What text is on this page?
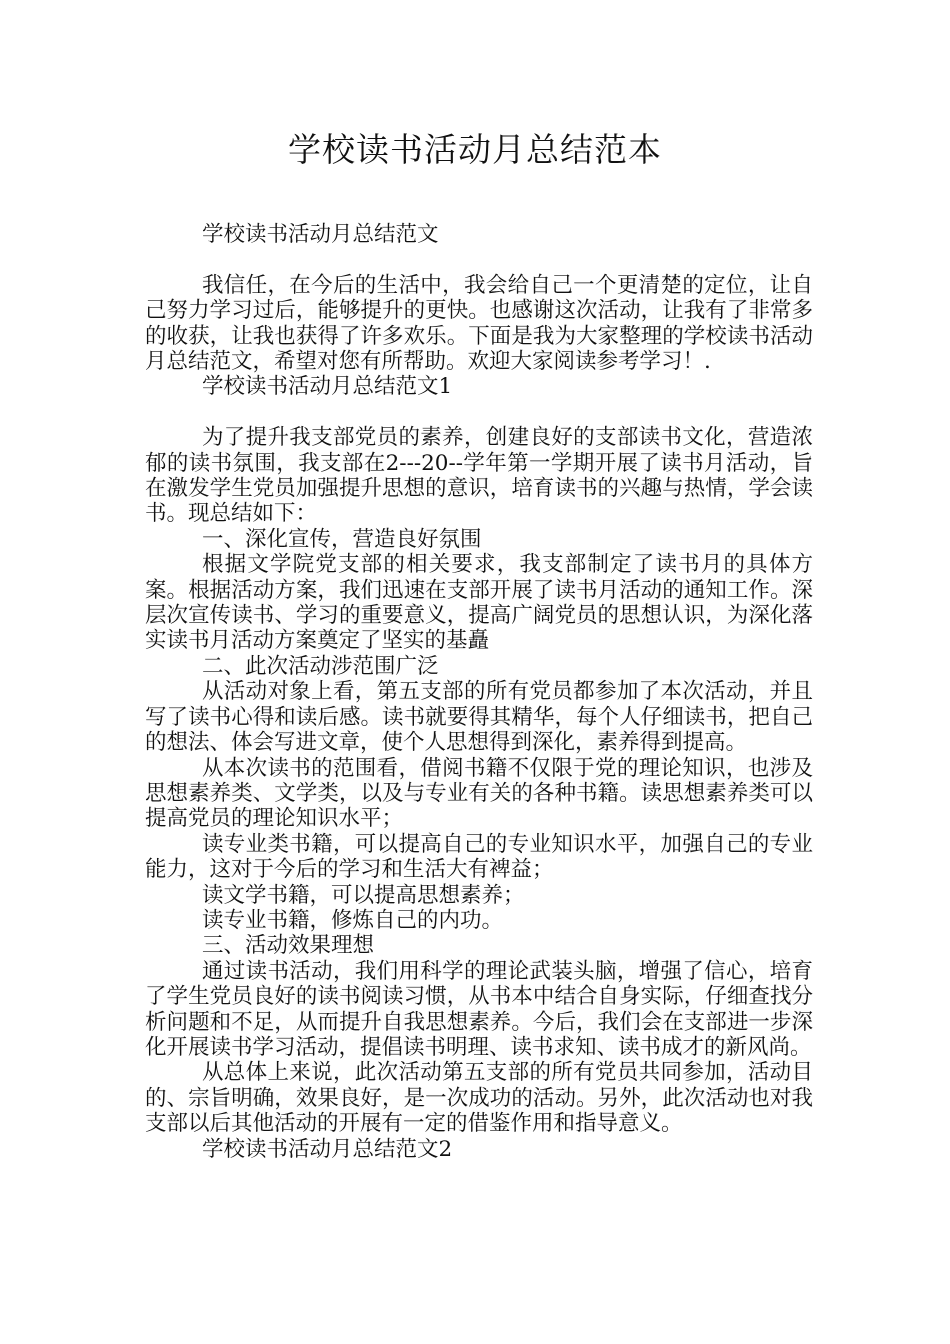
学校读书活动月总结范本

学校读书活动月总结范文

我信任，在今后的生活中，我会给自己一个更清楚的定位，让自己努力学习过后，能够提升的更快。也感谢这次活动，让我有了非常多的收获，让我也获得了许多欢乐。下面是我为大家整理的学校读书活动月总结范文，希望对您有所帮助。欢迎大家阅读参考学习！.

学校读书活动月总结范文1

为了提升我支部党员的素养，创建良好的支部读书文化，营造浓郁的读书氛围，我支部在2---20--学年第一学期开展了读书月活动，旨在激发学生党员加强提升思想的意识，培育读书的兴趣与热情，学会读书。现总结如下：

一、深化宣传，营造良好氛围

根据文学院党支部的相关要求，我支部制定了读书月的具体方案。根据活动方案，我们迅速在支部开展了读书月活动的通知工作。深层次宣传读书、学习的重要意义，提高广阔党员的思想认识，为深化落实读书月活动方案奠定了坚实的基矗

二、此次活动涉范围广泛

从活动对象上看，第五支部的所有党员都参加了本次活动，并且写了读书心得和读后感。读书就要得其精华，每个人仔细读书，把自己的想法、体会写进文章，使个人思想得到深化，素养得到提高。

从本次读书的范围看，借阅书籍不仅限于党的理论知识，也涉及思想素养类、文学类，以及与专业有关的各种书籍。读思想素养类可以提高党员的理论知识水平；

读专业类书籍，可以提高自己的专业知识水平，加强自己的专业能力，这对于今后的学习和生活大有裨益；

读文学书籍，可以提高思想素养；

读专业书籍，修炼自己的内功。

三、活动效果理想

通过读书活动，我们用科学的理论武装头脑，增强了信心，培育了学生党员良好的读书阅读习惯，从书本中结合自身实际，仔细查找分析问题和不足，从而提升自我思想素养。今后，我们会在支部进一步深化开展读书学习活动，提倡读书明理、读书求知、读书成才的新风尚。

从总体上来说，此次活动第五支部的所有党员共同参加，活动目的、宗旨明确，效果良好，是一次成功的活动。另外，此次活动也对我支部以后其他活动的开展有一定的借鉴作用和指导意义。

学校读书活动月总结范文2
